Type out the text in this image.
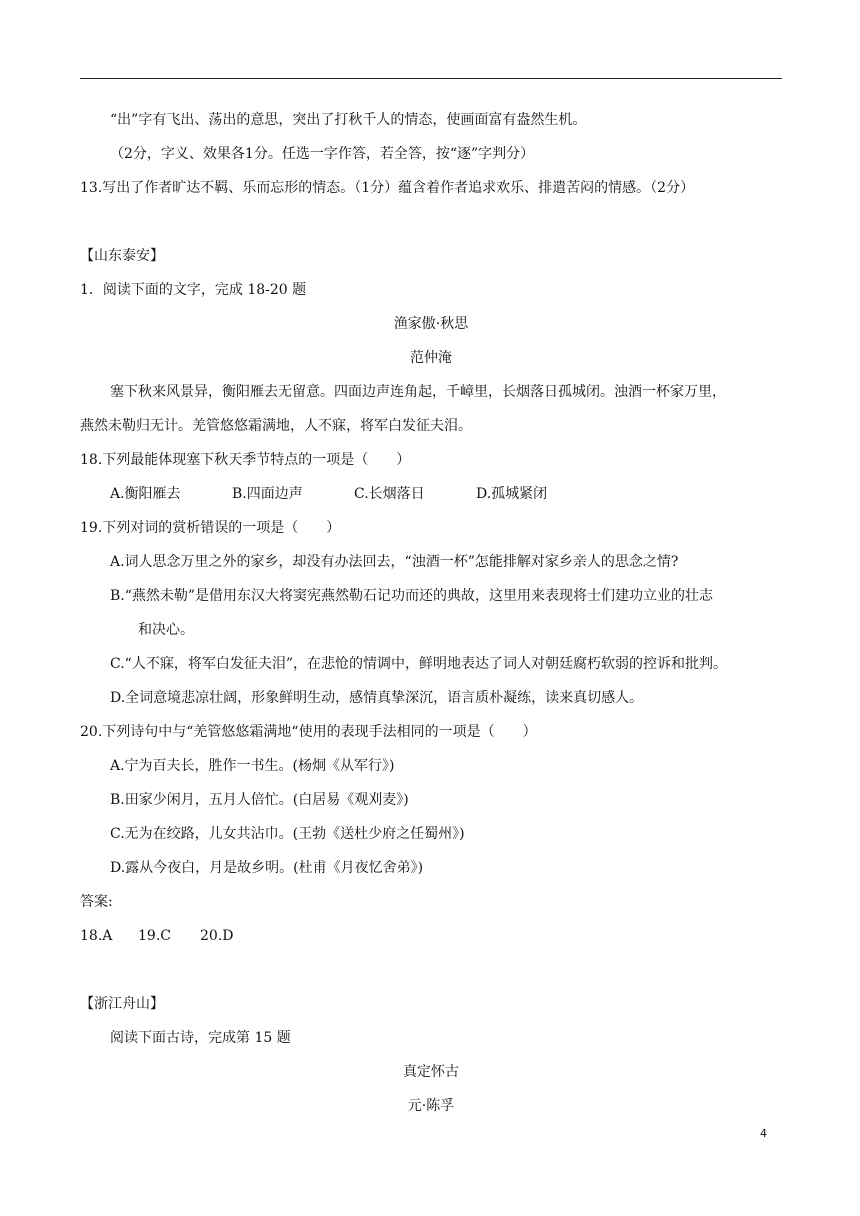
“出”字有飞出、荡出的意思，突出了打秋千人的情态，使画面富有盎然生机。
（2分，字义、效果各1分。任选一字作答，若全答，按“逐”字判分）
13.写出了作者旷达不羁、乐而忘形的情态。（1分）蕴含着作者追求欢乐、排遣苦闷的情感。（2分）
【山东泰安】
1．阅读下面的文字，完成 18-20 题
渔家傲·秋思
范仲淹
塞下秋来风景异，衡阳雁去无留意。四面边声连角起，千嶂里，长烟落日孤城闭。浊酒一杯家万里，
燕然未勒归无计。羌管悠悠霜满地，人不寐，将军白发征夫泪。
18.下列最能体现塞下秋天季节特点的一项是（　　）
A.衡阳雁去	B.四面边声	C.长烟落日	D.孤城紧闭
19.下列对词的赏析错误的一项是（　　）
A.词人思念万里之外的家乡，却没有办法回去，“浊酒一杯”怎能排解对家乡亲人的思念之情?
B.“燕然未勒”是借用东汉大将窦宪燕然勒石记功而还的典故，这里用来表现将士们建功立业的壮志
和决心。
C.“人不寐，将军白发征夫泪”，在悲怆的情调中，鲜明地表达了词人对朝廷腐朽软弱的控诉和批判。
D.全词意境悲凉壮阔，形象鲜明生动，感情真挚深沉，语言质朴凝练，读来真切感人。
20.下列诗句中与“羌管悠悠霜满地“使用的表现手法相同的一项是（　　）
A.宁为百夫长，胜作一书生。(杨炯《从军行》)
B.田家少闲月，五月人倍忙。(白居易《观刈麦》)
C.无为在绞路，儿女共沾巾。(王勃《送杜少府之任蜀州》)
D.露从今夜白，月是故乡明。(杜甫《月夜忆舍弟》)
答案:
18.A 19.C 20.D
【浙江舟山】
阅读下面古诗，完成第 15 题
真定怀古
元·陈孚
4
